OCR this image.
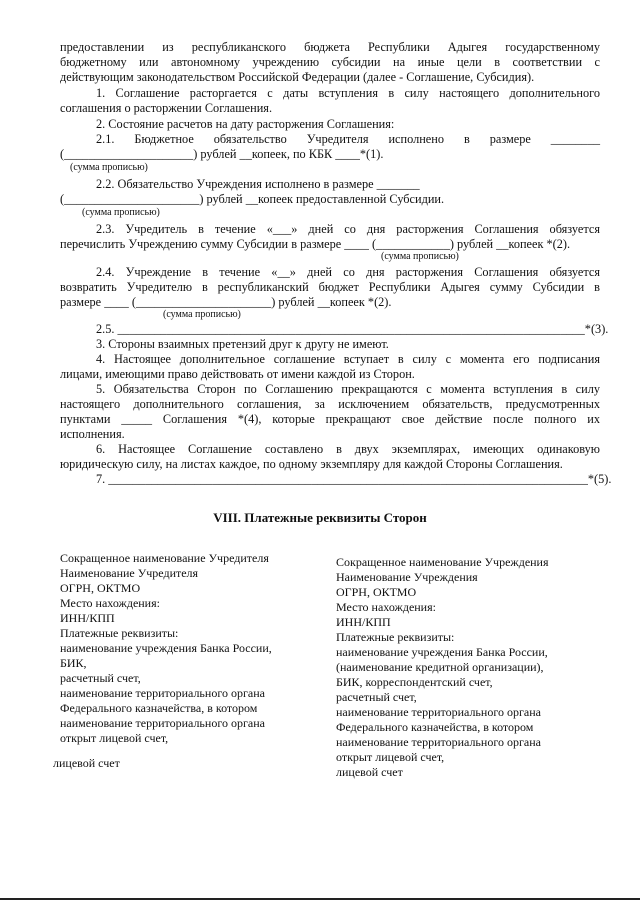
предоставлении из республиканского бюджета Республики Адыгея государственному

бюджетному или автономному учреждению субсидии на иные цели в соответствии с

действующим законодательством Российской Федерации (далее - Соглашение, Субсидия).

1. Соглашение расторгается с даты вступления в силу настоящего дополнительного

соглашения о расторжении Соглашения.

2. Состояние расчетов на дату расторжения Соглашения:

2.1. Бюджетное обязательство Учредителя исполнено в размере ________

(_____________________) рублей __копеек, по КБК ____*(1).

(сумма прописью)

2.2. Обязательство Учреждения исполнено в размере _______

(______________________) рублей __копеек предоставленной Субсидии.

(сумма прописью)

2.3. Учредитель в течение «___» дней со дня расторжения Соглашения обязуется

перечислить Учреждению сумму Субсидии в размере ____ (____________) рублей __копеек *(2).

(сумма прописью)

2.4. Учреждение в течение «__» дней со дня расторжения Соглашения обязуется

возвратить Учредителю в республиканский бюджет Республики Адыгея сумму Субсидии в

размере ____ (______________________) рублей __копеек *(2).

(сумма прописью)

2.5. ____________________________________________________________________________*(3).

3. Стороны взаимных претензий друг к другу не имеют.

4. Настоящее дополнительное соглашение вступает в силу с момента его подписания

лицами, имеющими право действовать от имени каждой из Сторон.

5. Обязательства Сторон по Соглашению прекращаются с момента вступления в силу

настоящего дополнительного соглашения, за исключением обязательств, предусмотренных

пунктами _____ Соглашения *(4), которые прекращают свое действие после полного их

исполнения.

6. Настоящее Соглашение составлено в двух экземплярах, имеющих одинаковую

юридическую силу, на листах каждое, по одному экземпляру для каждой Стороны Соглашения.

7. ______________________________________________________________________________*(5).

VIII. Платежные реквизиты Сторон

Сокращенное наименование Учредителя

Наименование Учредителя

ОГРН, ОКТМО

Место нахождения:

ИНН/КПП

Платежные реквизиты:

наименование учреждения Банка России,

БИК,

расчетный счет,

наименование территориального органа

Федерального казначейства, в котором

наименование территориального органа

открыт лицевой счет,

лицевой счет

Сокращенное наименование Учреждения

Наименование Учреждения

ОГРН, ОКТМО

Место нахождения:

ИНН/КПП

Платежные реквизиты:

наименование учреждения Банка России,

(наименование кредитной организации),

БИК, корреспондентский счет,

расчетный счет,

наименование территориального органа

Федерального казначейства, в котором

наименование территориального органа

открыт лицевой счет,

лицевой счет
